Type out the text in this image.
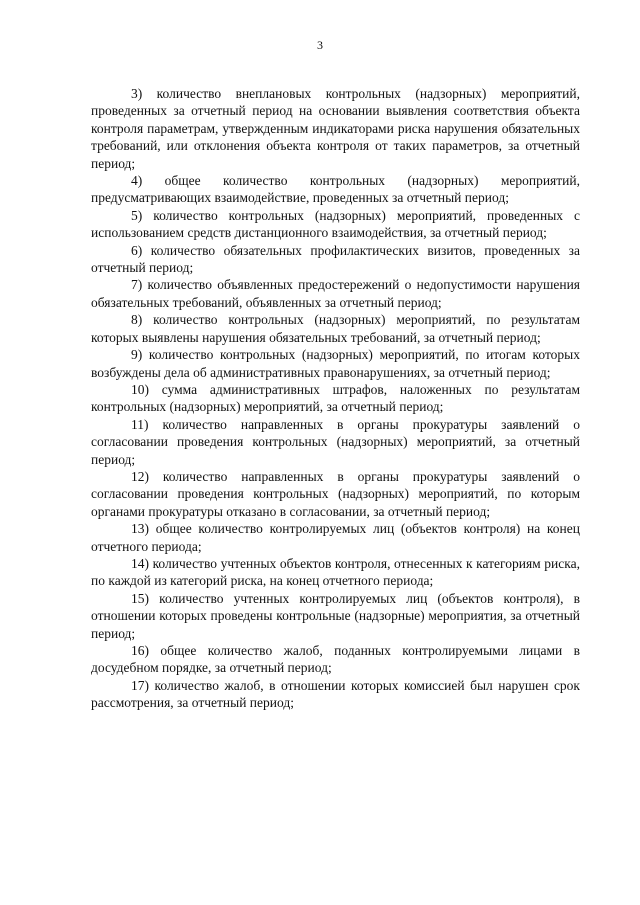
3

3) количество внеплановых контрольных (надзорных) мероприятий, проведенных за отчетный период на основании выявления соответствия объекта контроля параметрам, утвержденным индикаторами риска нарушения обязательных требований, или отклонения объекта контроля от таких параметров, за отчетный период;

4) общее количество контрольных (надзорных) мероприятий, предусматривающих взаимодействие, проведенных за отчетный период;

5) количество контрольных (надзорных) мероприятий, проведенных с использованием средств дистанционного взаимодействия, за отчетный период;

6) количество обязательных профилактических визитов, проведенных за отчетный период;

7) количество объявленных предостережений о недопустимости нарушения обязательных требований, объявленных за отчетный период;

8) количество контрольных (надзорных) мероприятий, по результатам которых выявлены нарушения обязательных требований, за отчетный период;

9) количество контрольных (надзорных) мероприятий, по итогам которых возбуждены дела об административных правонарушениях, за отчетный период;

10) сумма административных штрафов, наложенных по результатам контрольных (надзорных) мероприятий, за отчетный период;

11) количество направленных в органы прокуратуры заявлений о согласовании проведения контрольных (надзорных) мероприятий, за отчетный период;

12) количество направленных в органы прокуратуры заявлений о согласовании проведения контрольных (надзорных) мероприятий, по которым органами прокуратуры отказано в согласовании, за отчетный период;

13) общее количество контролируемых лиц (объектов контроля) на конец отчетного периода;

14) количество учтенных объектов контроля, отнесенных к категориям риска, по каждой из категорий риска, на конец отчетного периода;

15) количество учтенных контролируемых лиц (объектов контроля), в отношении которых проведены контрольные (надзорные) мероприятия, за отчетный период;

16) общее количество жалоб, поданных контролируемыми лицами в досудебном порядке, за отчетный период;

17) количество жалоб, в отношении которых комиссией был нарушен срок рассмотрения, за отчетный период;
